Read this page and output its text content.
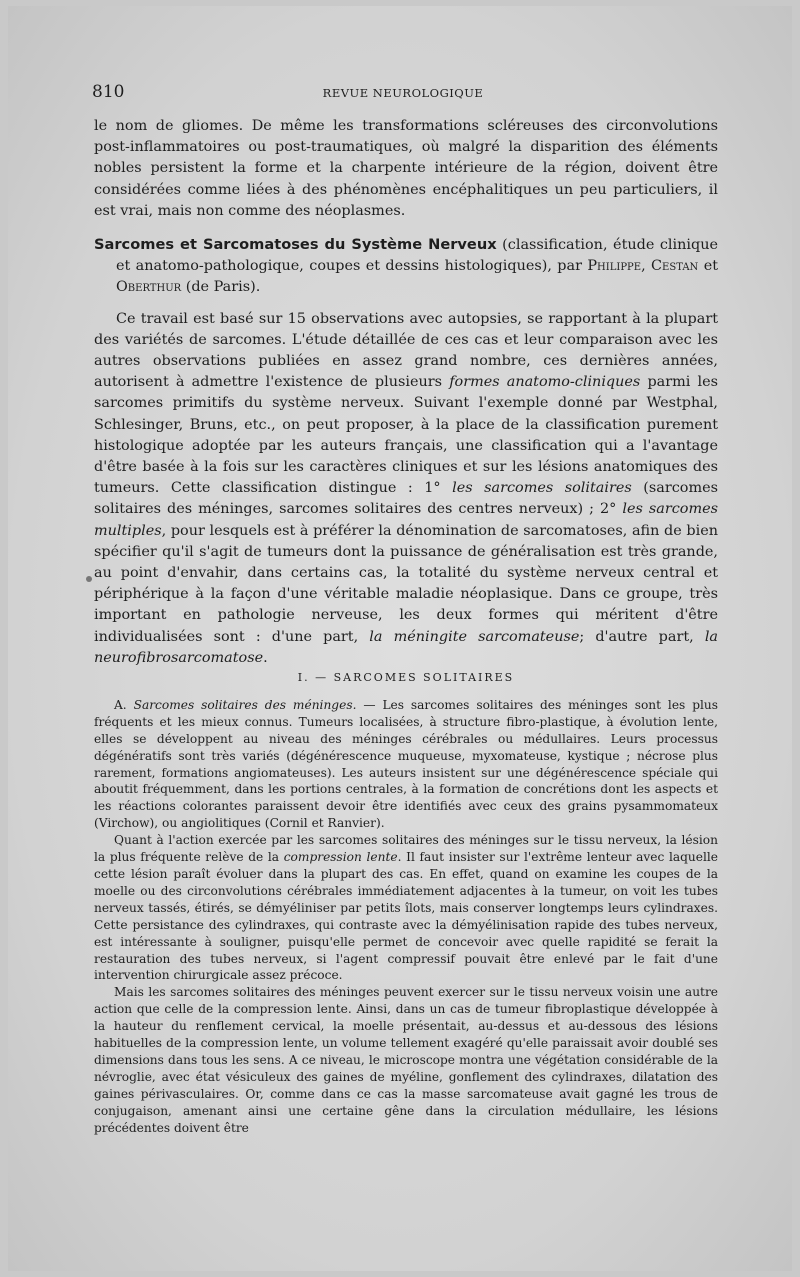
810	REVUE NEUROLOGIQUE

le nom de gliomes. De même les transformations scléreuses des circonvolutions post-inflammatoires ou post-traumatiques, où malgré la disparition des éléments nobles persistent la forme et la charpente intérieure de la région, doivent être considérées comme liées à des phénomènes encéphalitiques un peu particuliers, il est vrai, mais non comme des néoplasmes.

Sarcomes et Sarcomatoses du Système Nerveux (classification, étude clinique et anatomo-pathologique, coupes et dessins histologiques), par Philippe, Cestan et Oberthur (de Paris).

Ce travail est basé sur 15 observations avec autopsies, se rapportant à la plupart des variétés de sarcomes. L'étude détaillée de ces cas et leur comparaison avec les autres observations publiées en assez grand nombre, ces dernières années, autorisent à admettre l'existence de plusieurs formes anatomo-cliniques parmi les sarcomes primitifs du système nerveux. Suivant l'exemple donné par Westphal, Schlesinger, Bruns, etc., on peut proposer, à la place de la classification purement histologique adoptée par les auteurs français, une classification qui a l'avantage d'être basée à la fois sur les caractères cliniques et sur les lésions anatomiques des tumeurs. Cette classification distingue : 1° les sarcomes solitaires (sarcomes solitaires des méninges, sarcomes solitaires des centres nerveux) ; 2° les sarcomes multiples, pour lesquels est à préférer la dénomination de sarcomatoses, afin de bien spécifier qu'il s'agit de tumeurs dont la puissance de généralisation est très grande, au point d'envahir, dans certains cas, la totalité du système nerveux central et périphérique à la façon d'une véritable maladie néoplasique. Dans ce groupe, très important en pathologie nerveuse, les deux formes qui méritent d'être individualisées sont : d'une part, la méningite sarcomateuse; d'autre part, la neurofibrosarcomatose.

I. — SARCOMES SOLITAIRES

A. Sarcomes solitaires des méninges. — Les sarcomes solitaires des méninges sont les plus fréquents et les mieux connus. Tumeurs localisées, à structure fibro-plastique, à évolution lente, elles se développent au niveau des méninges cérébrales ou médullaires. Leurs processus dégénératifs sont très variés (dégénérescence muqueuse, myxomateuse, kystique ; nécrose plus rarement, formations angiomateuses). Les auteurs insistent sur une dégénérescence spéciale qui aboutit fréquemment, dans les portions centrales, à la formation de concrétions dont les aspects et les réactions colorantes paraissent devoir être identifiés avec ceux des grains pysammomateux (Virchow), ou angiolitiques (Cornil et Ranvier).

Quant à l'action exercée par les sarcomes solitaires des méninges sur le tissu nerveux, la lésion la plus fréquente relève de la compression lente. Il faut insister sur l'extrême lenteur avec laquelle cette lésion paraît évoluer dans la plupart des cas. En effet, quand on examine les coupes de la moelle ou des circonvolutions cérébrales immédiatement adjacentes à la tumeur, on voit les tubes nerveux tassés, étirés, se démyéliniser par petits îlots, mais conserver longtemps leurs cylindraxes. Cette persistance des cylindraxes, qui contraste avec la démyélinisation rapide des tubes nerveux, est intéressante à souligner, puisqu'elle permet de concevoir avec quelle rapidité se ferait la restauration des tubes nerveux, si l'agent compressif pouvait être enlevé par le fait d'une intervention chirurgicale assez précoce.

Mais les sarcomes solitaires des méninges peuvent exercer sur le tissu nerveux voisin une autre action que celle de la compression lente. Ainsi, dans un cas de tumeur fibroplastique développée à la hauteur du renflement cervical, la moelle présentait, au-dessus et au-dessous des lésions habituelles de la compression lente, un volume tellement exagéré qu'elle paraissait avoir doublé ses dimensions dans tous les sens. A ce niveau, le microscope montra une végétation considérable de la névroglie, avec état vésiculeux des gaines de myéline, gonflement des cylindraxes, dilatation des gaines périvasculaires. Or, comme dans ce cas la masse sarcomateuse avait gagné les trous de conjugaison, amenant ainsi une certaine gêne dans la circulation médullaire, les lésions précédentes doivent être
